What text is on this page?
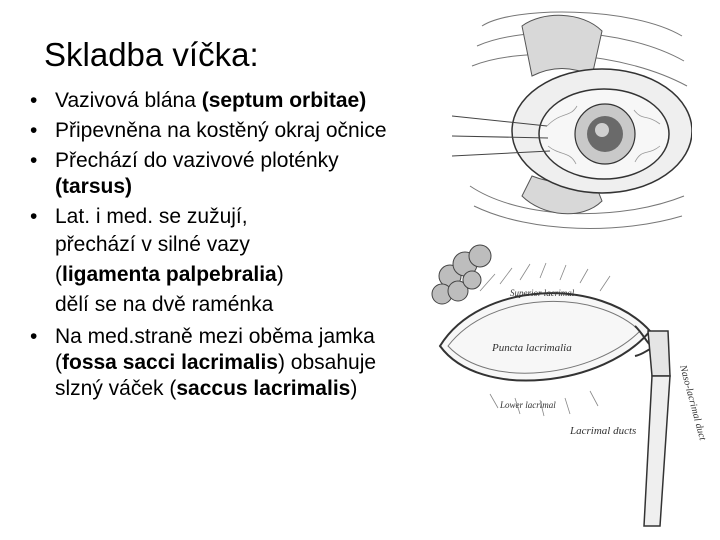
Skladba víčka:
• Vazivová blána (septum orbitae)
• Připevněna na kostěný okraj očnice
• Přechází do vazivové ploténky
(tarsus)
• Lat. i med. se zužují,
přechází v silné vazy
(ligamenta palpebralia)
dělí se na dvě raménka
• Na med.straně mezi oběma jamka
(fossa sacci lacrimalis) obsahuje
slzný váček (saccus lacrimalis)
Puncta lacrimalia
Lacrimal ducts	Naso-lacrimal duct
Superior lacrimal
Lower lacrimal
